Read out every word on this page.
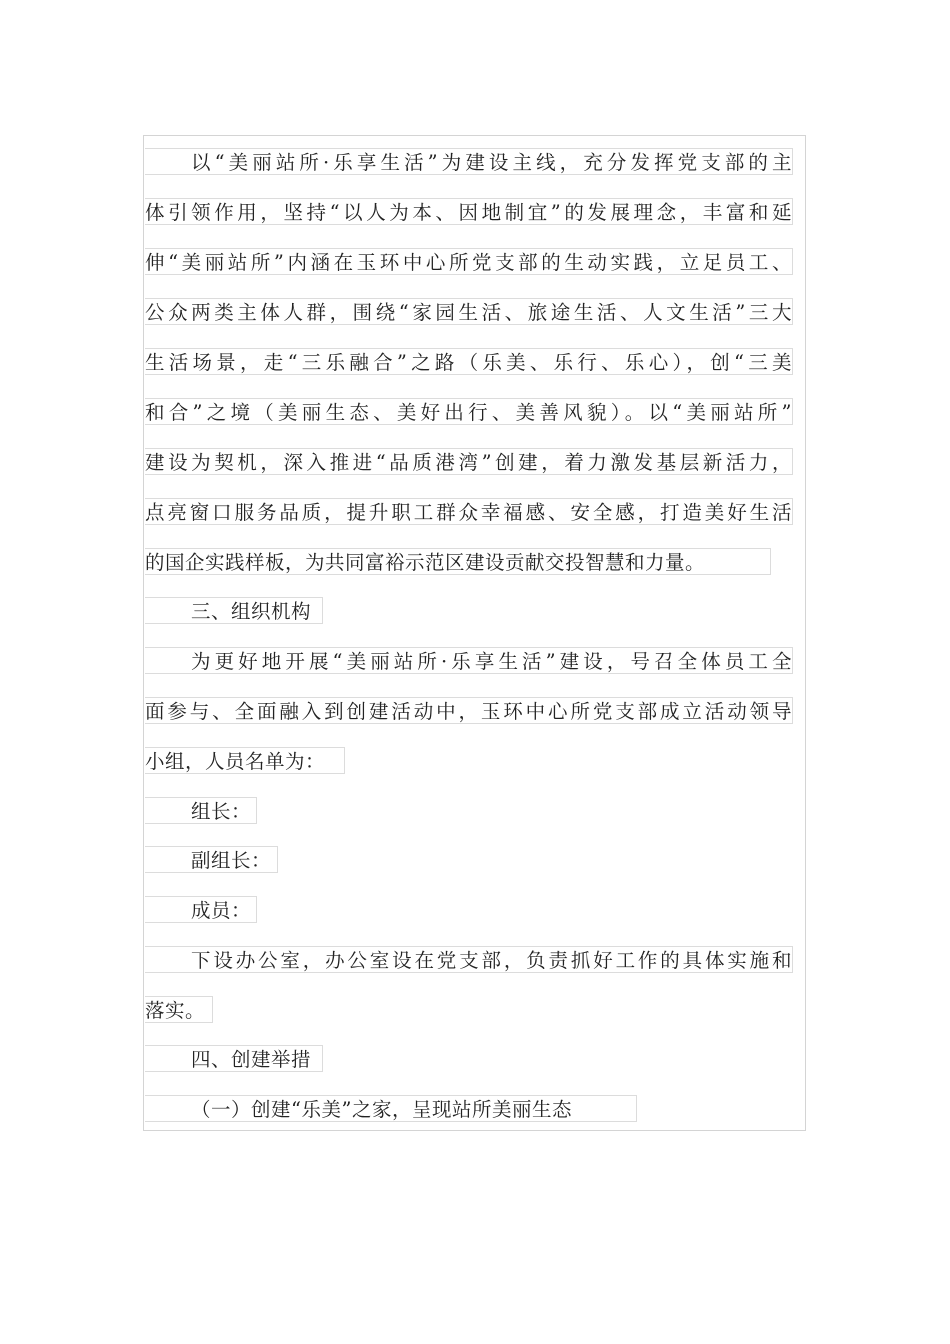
以“美丽站所·乐享生活”为建设主线，充分发挥党支部的主
体引领作用，坚持“以人为本、因地制宜”的发展理念，丰富和延
伸“美丽站所”内涵在玉环中心所党支部的生动实践，立足员工、
公众两类主体人群，围绕“家园生活、旅途生活、人文生活”三大
生活场景，走“三乐融合”之路（乐美、乐行、乐心），创“三美
和合”之境（美丽生态、美好出行、美善风貌）。以“美丽站所”
建设为契机，深入推进“品质港湾”创建，着力激发基层新活力，
点亮窗口服务品质，提升职工群众幸福感、安全感，打造美好生活
的国企实践样板，为共同富裕示范区建设贡献交投智慧和力量。
三、组织机构
为更好地开展“美丽站所·乐享生活”建设，号召全体员工全
面参与、全面融入到创建活动中，玉环中心所党支部成立活动领导
小组，人员名单为：
组长：
副组长：
成员：
下设办公室，办公室设在党支部，负责抓好工作的具体实施和
落实。
四、创建举措
（一）创建“乐美”之家，呈现站所美丽生态
